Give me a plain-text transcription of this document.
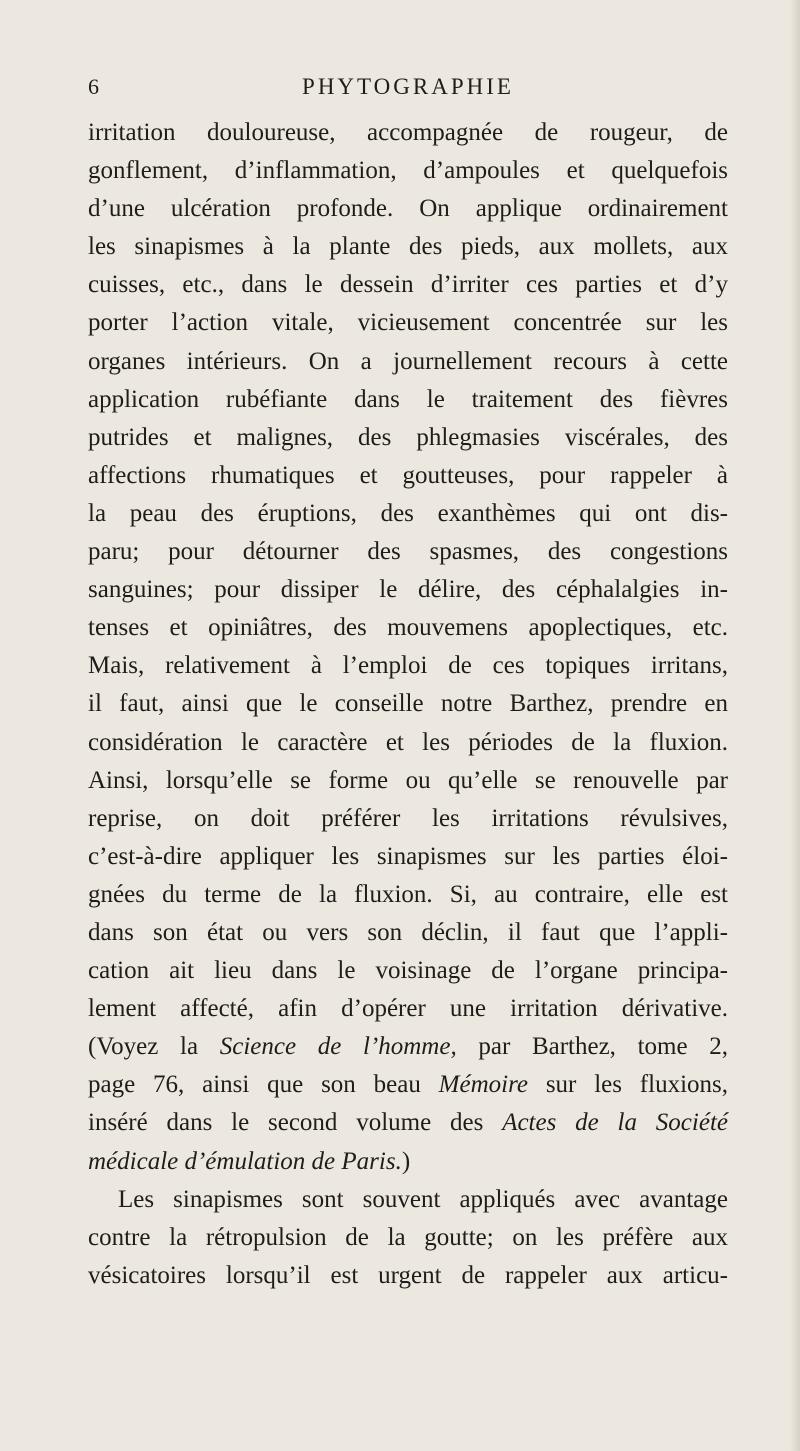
6	PHYTOGRAPHIE
irritation douloureuse, accompagnée de rougeur, de
gonflement, d’inflammation, d’ampoules et quelquefois
d’une ulcération profonde. On applique ordinairement
les sinapismes à la plante des pieds, aux mollets, aux
cuisses, etc., dans le dessein d’irriter ces parties et d’y
porter l’action vitale, vicieusement concentrée sur les
organes intérieurs. On a journellement recours à cette
application rubéfiante dans le traitement des fièvres
putrides et malignes, des phlegmasies viscérales, des
affections rhumatiques et goutteuses, pour rappeler à
la peau des éruptions, des exanthèmes qui ont dis-
paru; pour détourner des spasmes, des congestions
sanguines; pour dissiper le délire, des céphalalgies in-
tenses et opiniâtres, des mouvemens apoplectiques, etc.
Mais, relativement à l’emploi de ces topiques irritans,
il faut, ainsi que le conseille notre Barthez, prendre en
considération le caractère et les périodes de la fluxion.
Ainsi, lorsqu’elle se forme ou qu’elle se renouvelle par
reprise, on doit préférer les irritations révulsives,
c’est-à-dire appliquer les sinapismes sur les parties éloi-
gnées du terme de la fluxion. Si, au contraire, elle est
dans son état ou vers son déclin, il faut que l’appli-
cation ait lieu dans le voisinage de l’organe principa-
lement affecté, afin d’opérer une irritation dérivative.
(Voyez la Science de l’homme, par Barthez, tome 2,
page 76, ainsi que son beau Mémoire sur les fluxions,
inséré dans le second volume des Actes de la Société
médicale d’émulation de Paris.)
Les sinapismes sont souvent appliqués avec avantage
contre la rétropulsion de la goutte; on les préfère aux
vésicatoires lorsqu’il est urgent de rappeler aux articu-
